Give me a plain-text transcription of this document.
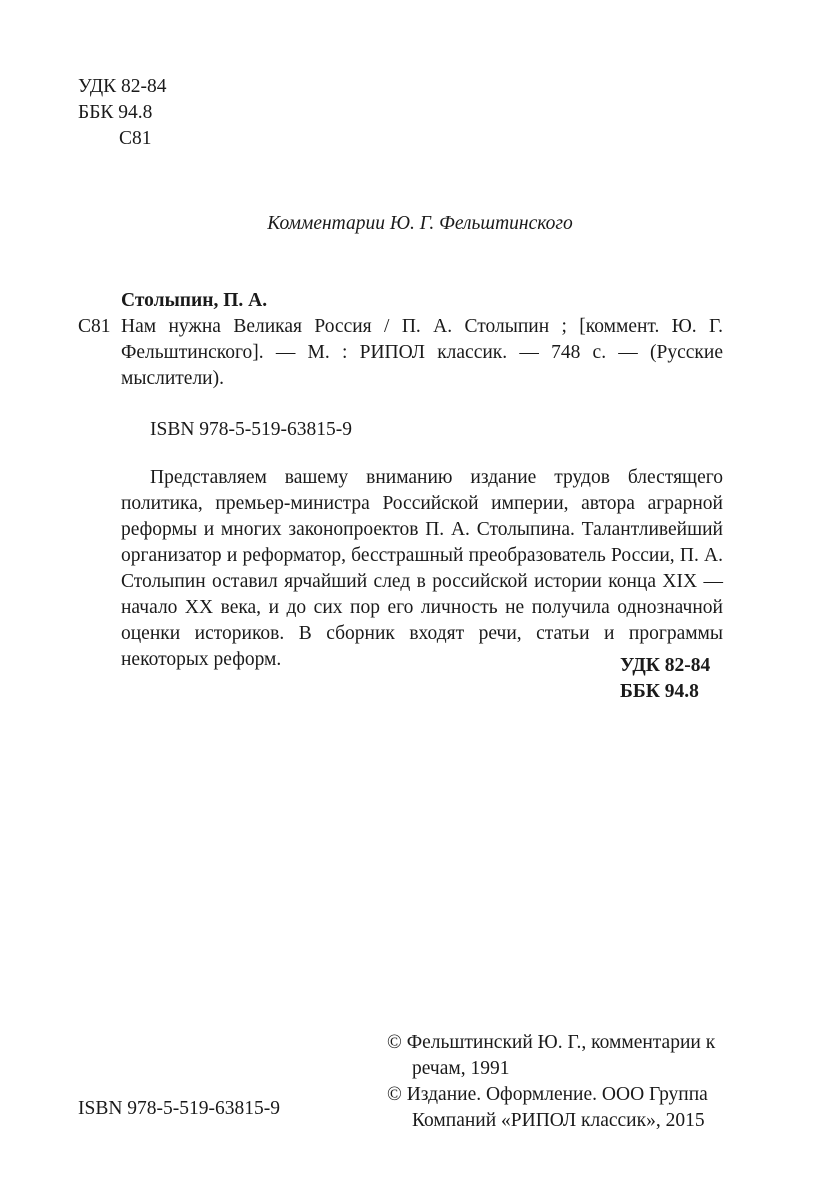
УДК 82-84
ББК 94.8
С81
Комментарии Ю. Г. Фельштинского
Столыпин, П. А.
С81 Нам нужна Великая Россия / П. А. Столыпин ; [коммент. Ю. Г. Фельштинского]. — М. : РИПОЛ классик. — 748 с. — (Русские мыслители).
ISBN 978-5-519-63815-9

Представляем вашему вниманию издание трудов блестящего политика, премьер-министра Российской империи, автора аграрной реформы и многих законопроектов П. А. Столыпина. Талантливейший организатор и реформатор, бесстрашный преобразователь России, П. А. Столыпин оставил ярчайший след в российской истории конца XIX — начало XX века, и до сих пор его личность не получила однозначной оценки историков. В сборник входят речи, статьи и программы некоторых реформ.	УДК 82-84
ББК 94.8
© Фельштинский Ю. Г., комментарии к речам, 1991
© Издание. Оформление. ООО Группа Компаний «РИПОЛ классик», 2015
ISBN 978-5-519-63815-9
